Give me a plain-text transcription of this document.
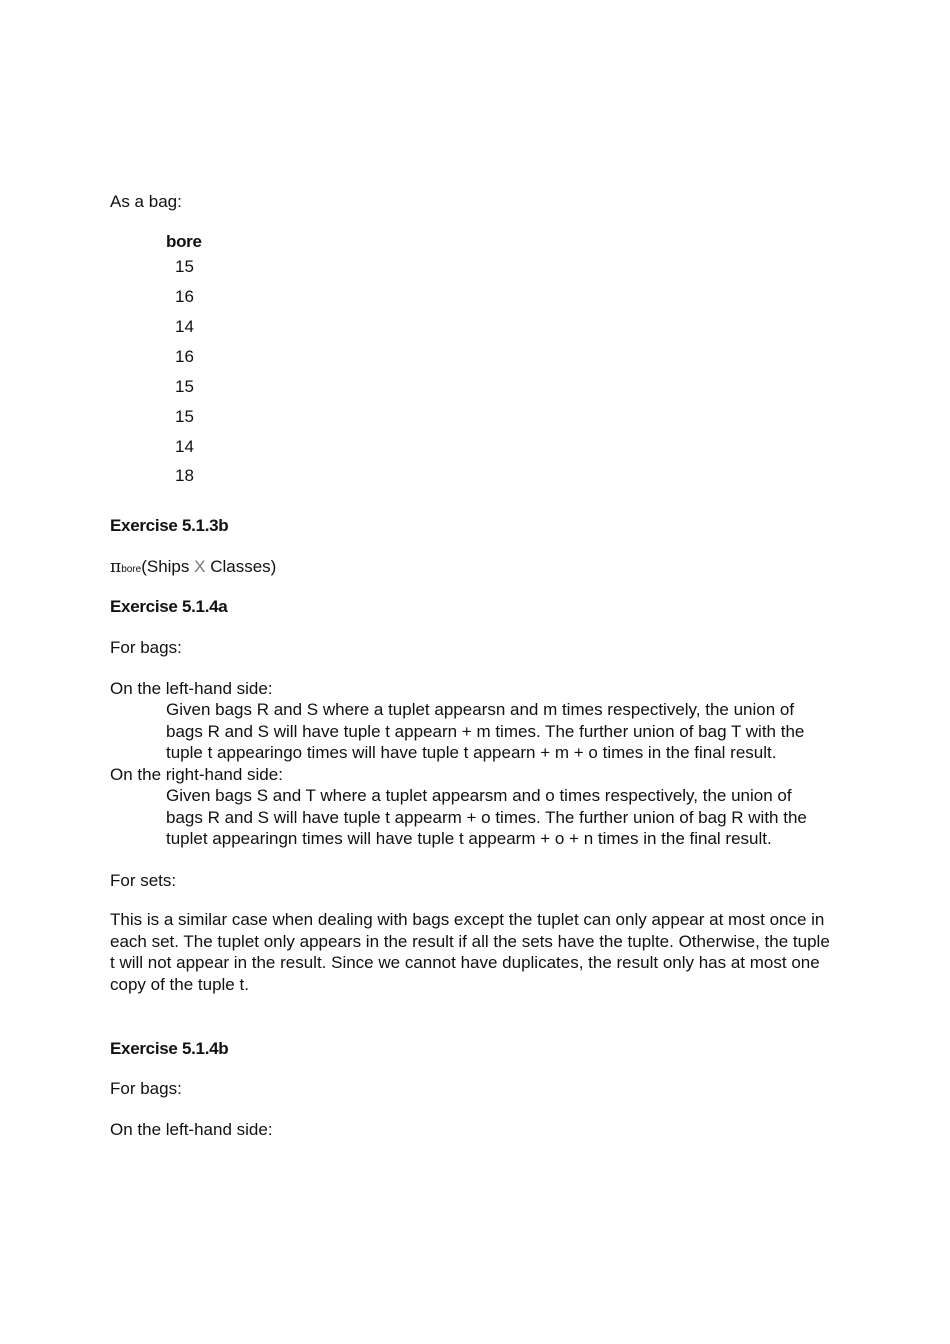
As a bag:
bore
15
16
14
16
15
15
14
18
Exercise 5.1.3b
πbore(Ships X Classes)
Exercise 5.1.4a
For bags:
On the left-hand side:
Given bags R and S where a tuplet appearsn and m times respectively, the union of bags R and S will have tuple t appearn + m times. The further union of bag T with the tuple t appearingo times will have tuple t appearn + m + o times in the final result.
On the right-hand side:
Given bags S and T where a tuplet appearsm and o times respectively, the union of bags R and S will have tuple t appearm + o times. The further union of bag R with the tuplet appearingn times will have tuple t appearm + o + n times in the final result.
For sets:
This is a similar case when dealing with bags except the tuplet can only appear at most once in each set. The tuplet only appears in the result if all the sets have the tuplte. Otherwise, the tuple t will not appear in the result. Since we cannot have duplicates, the result only has at most one copy of the tuple t.
Exercise 5.1.4b
For bags:
On the left-hand side:
